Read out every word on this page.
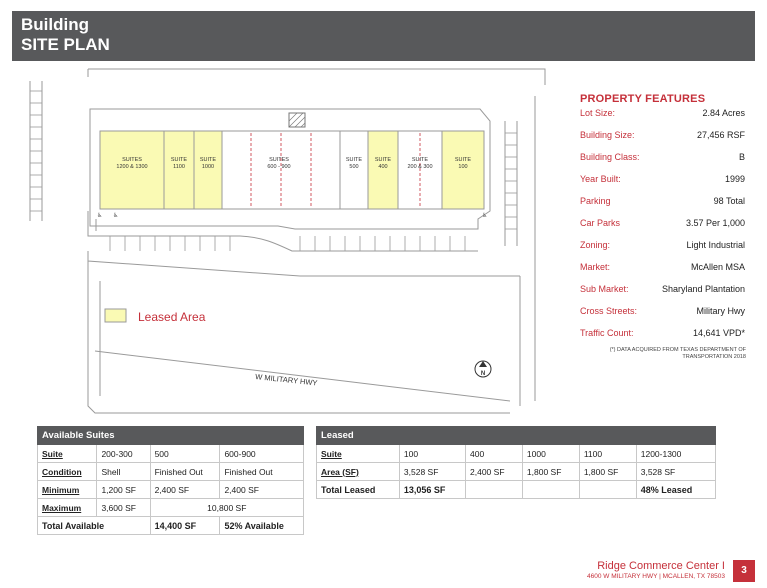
Building
SITE PLAN
SUITES
1200 & 1300
SUITE
1100
SUITE
1000
SUITES
600 - 900
SUITE
500
SUITE
400
SUITE
200 & 300
SUITE
100
♿ ♿	♿
Leased Area
W MILITARY HWY	N
PROPERTY FEATURES
Lot Size:	2.84 Acres
Building Size:	27,456 RSF
Building Class:	B
Year Built:	1999
Parking	98 Total
Car Parks	3.57 Per 1,000
Zoning:	Light Industrial
Market:	McAllen MSA
Sub Market:	Sharyland Plantation
Cross Streets:	Military Hwy
Traffic Count:	14,641 VPD*
(*) DATA ACQUIRED FROM TEXAS DEPARTMENT OF
TRANSPORTATION 2018
Available Suites			
Suite	200-300	500	600-900
Condition	Shell	Finished Out	Finished Out
Minimum	1,200 SF	2,400 SF	2,400 SF
Maximum	3,600 SF	10,800 SF	
Total Available		14,400 SF	52% Available
Leased					
Suite	100	400	1000	1100	1200-1300
Area (SF)	3,528 SF	2,400 SF	1,800 SF	1,800 SF	3,528 SF
Total Leased	13,056 SF				48% Leased
Ridge Commerce Center I
4600 W MILITARY HWY | MCALLEN, TX 78503
3
